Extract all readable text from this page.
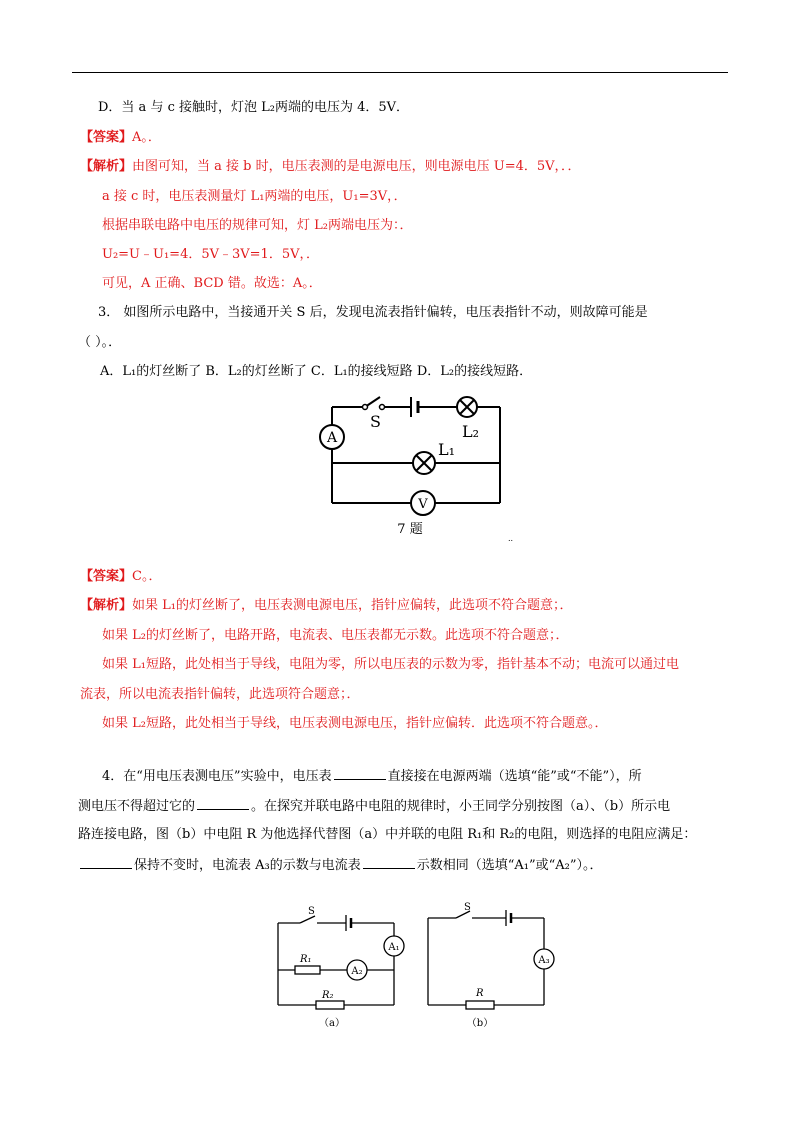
D．当 a 与 c 接触时，灯泡 L₂两端的电压为 4．5V．
【答案】A。．
【解析】由图可知，当 a 接 b 时，电压表测的是电源电压，则电源电压 U=4．5V，．．
a 接 c 时，电压表测量灯 L₁两端的电压，U₁=3V，．
根据串联电路中电压的规律可知，灯 L₂两端电压为：．
U₂=U﹣U₁=4．5V﹣3V=1．5V，．
可见，A 正确、BCD 错。故选：A。．
3． 如图所示电路中，当接通开关 S 后，发现电流表指针偏转，电压表指针不动，则故障可能是
（ ）。．
A．L₁的灯丝断了 B．L₂的灯丝断了 C．L₁的接线短路 D．L₂的接线短路．
A
V
S
L₂
L₁
7 题
..
【答案】C。．
【解析】如果 L₁的灯丝断了，电压表测电源电压，指针应偏转，此选项不符合题意；．
如果 L₂的灯丝断了，电路开路，电流表、电压表都无示数。此选项不符合题意；．
如果 L₁短路，此处相当于导线，电阻为零，所以电压表的示数为零，指针基本不动；电流可以通过电
流表，所以电流表指针偏转，此选项符合题意；．
如果 L₂短路，此处相当于导线，电压表测电源电压，指针应偏转．此选项不符合题意。．
4．在“用电压表测电压”实验中，电压表	直接接在电源两端（选填“能”或“不能”），所
测电压不得超过它的	。在探究并联电路中电阻的规律时，小王同学分别按图（a）、（b）所示电
路连接电路，图（b）中电阻 R 为他选择代替图（a）中并联的电阻 R₁和 R₂的电阻，则选择的电阻应满足：
保持不变时，电流表 A₃的示数与电流表	示数相同（选填“A₁”或“A₂”）。．
A₁
A₂
S
R₁
R₂
（a）
A₃
S
R
（b）
